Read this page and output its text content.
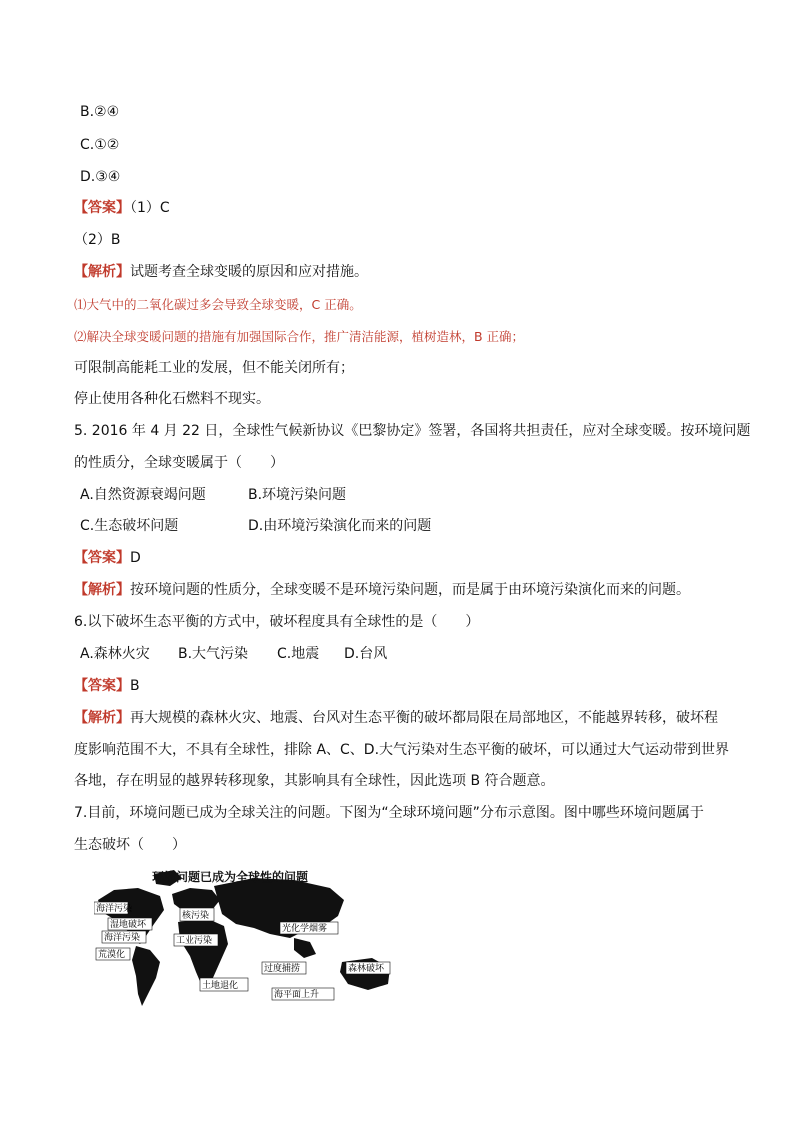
B.②④
C.①②
D.③④
【答案】（1）C
（2）B
【解析】试题考查全球变暖的原因和应对措施。
⑴大气中的二氧化碳过多会导致全球变暖，C 正确。
⑵解决全球变暖问题的措施有加强国际合作，推广清洁能源，植树造林，B 正确；
可限制高能耗工业的发展，但不能关闭所有；
停止使用各种化石燃料不现实。
5. 2016 年 4 月 22 日，全球性气候新协议《巴黎协定》签署，各国将共担责任，应对全球变暖。按环境问题
的性质分，全球变暖属于（　　）
A.自然资源衰竭问题	B.环境污染问题
C.生态破坏问题	D.由环境污染演化而来的问题
【答案】D
【解析】按环境问题的性质分，全球变暖不是环境污染问题，而是属于由环境污染演化而来的问题。
6.以下破坏生态平衡的方式中，破坏程度具有全球性的是（　　）
A.森林火灾 B.大气污染 C.地震 D.台风
【答案】B
【解析】再大规模的森林火灾、地震、台风对生态平衡的破坏都局限在局部地区，不能越界转移，破坏程
度影响范围不大，不具有全球性，排除 A、C、D.大气污染对生态平衡的破坏，可以通过大气运动带到世界
各地，存在明显的越界转移现象，其影响具有全球性，因此选项 B 符合题意。
7.目前，环境问题已成为全球关注的问题。下图为“全球环境问题”分布示意图。图中哪些环境问题属于
生态破坏（　　）
环境问题已成为全球性的问题
海洋污染
湿地破坏
海洋污染
荒漠化
核污染
工业污染
光化学烟雾
过度捕捞	森林破坏
土地退化
海平面上升
